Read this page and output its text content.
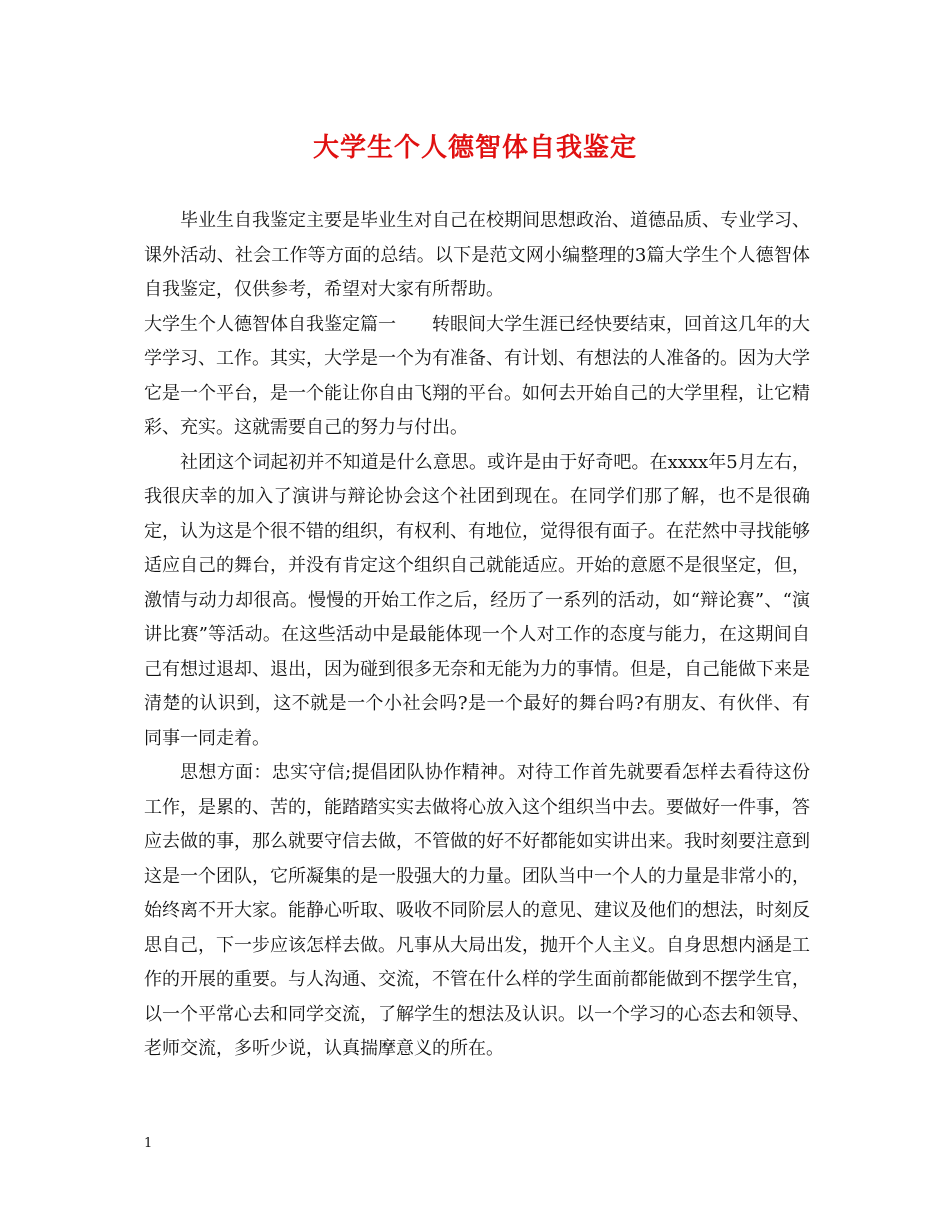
大学生个人德智体自我鉴定

毕业生自我鉴定主要是毕业生对自己在校期间思想政治、道德品质、专业学习、课外活动、社会工作等方面的总结。以下是范文网小编整理的3篇大学生个人德智体自我鉴定，仅供参考，希望对大家有所帮助。

大学生个人德智体自我鉴定篇一 转眼间大学生涯已经快要结束，回首这几年的大学学习、工作。其实，大学是一个为有准备、有计划、有想法的人准备的。因为大学它是一个平台，是一个能让你自由飞翔的平台。如何去开始自己的大学里程，让它精彩、充实。这就需要自己的努力与付出。

社团这个词起初并不知道是什么意思。或许是由于好奇吧。在xxxx年5月左右，我很庆幸的加入了演讲与辩论协会这个社团到现在。在同学们那了解，也不是很确定，认为这是个很不错的组织，有权利、有地位，觉得很有面子。在茫然中寻找能够适应自己的舞台，并没有肯定这个组织自己就能适应。开始的意愿不是很坚定，但，激情与动力却很高。慢慢的开始工作之后，经历了一系列的活动，如“辩论赛”、“演讲比赛”等活动。在这些活动中是最能体现一个人对工作的态度与能力，在这期间自己有想过退却、退出，因为碰到很多无奈和无能为力的事情。但是，自己能做下来是清楚的认识到，这不就是一个小社会吗?是一个最好的舞台吗?有朋友、有伙伴、有同事一同走着。

思想方面：忠实守信;提倡团队协作精神。对待工作首先就要看怎样去看待这份工作，是累的、苦的，能踏踏实实去做将心放入这个组织当中去。要做好一件事，答应去做的事，那么就要守信去做，不管做的好不好都能如实讲出来。我时刻要注意到这是一个团队，它所凝集的是一股强大的力量。团队当中一个人的力量是非常小的，始终离不开大家。能静心听取、吸收不同阶层人的意见、建议及他们的想法，时刻反思自己，下一步应该怎样去做。凡事从大局出发，抛开个人主义。自身思想内涵是工作的开展的重要。与人沟通、交流，不管在什么样的学生面前都能做到不摆学生官，以一个平常心去和同学交流，了解学生的想法及认识。以一个学习的心态去和领导、老师交流，多听少说，认真揣摩意义的所在。

1
